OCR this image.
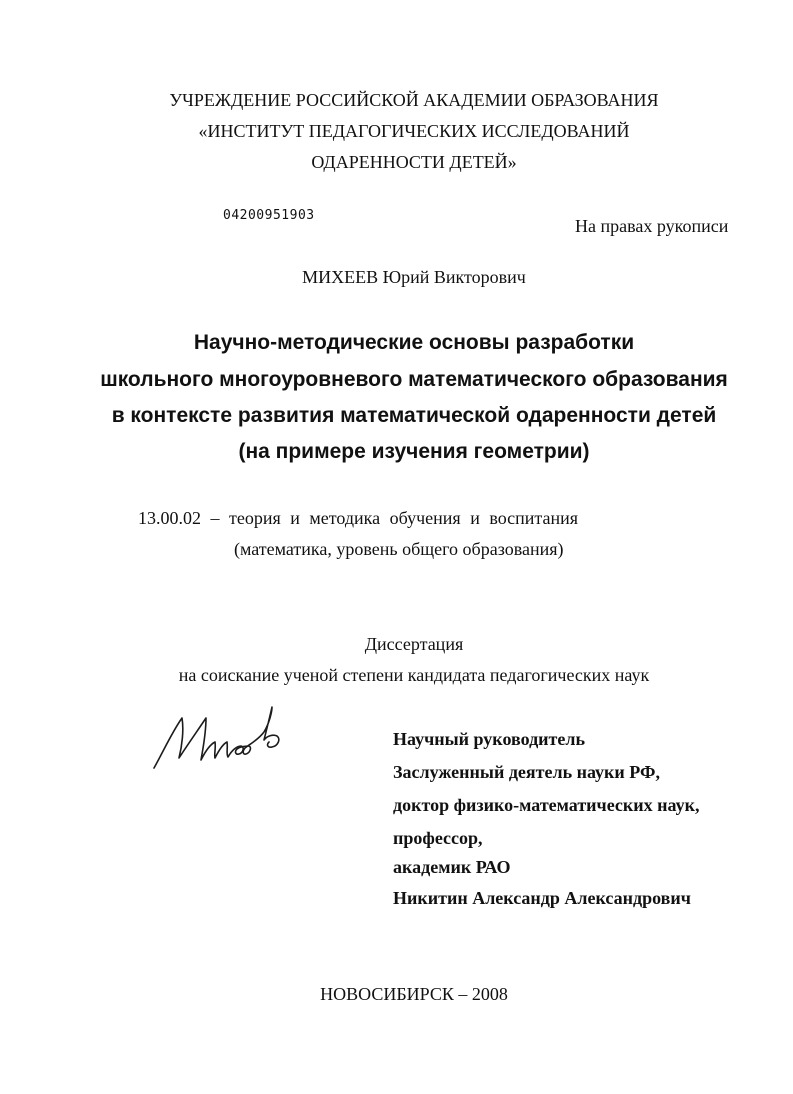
УЧРЕЖДЕНИЕ РОССИЙСКОЙ АКАДЕМИИ ОБРАЗОВАНИЯ
«ИНСТИТУТ ПЕДАГОГИЧЕСКИХ ИССЛЕДОВАНИЙ
ОДАРЕННОСТИ ДЕТЕЙ»
04200951903
На правах рукописи
МИХЕЕВ Юрий Викторович
Научно-методические основы разработки
школьного многоуровневого математического образования
в контексте развития математической одаренности детей
(на примере изучения геометрии)
13.00.02 – теория и методика обучения и воспитания
(математика, уровень общего образования)
Диссертация
на соискание ученой степени кандидата педагогических наук
Научный руководитель
Заслуженный деятель науки РФ,
доктор физико-математических наук,
профессор,
академик РАО
Никитин Александр Александрович
НОВОСИБИРСК – 2008
